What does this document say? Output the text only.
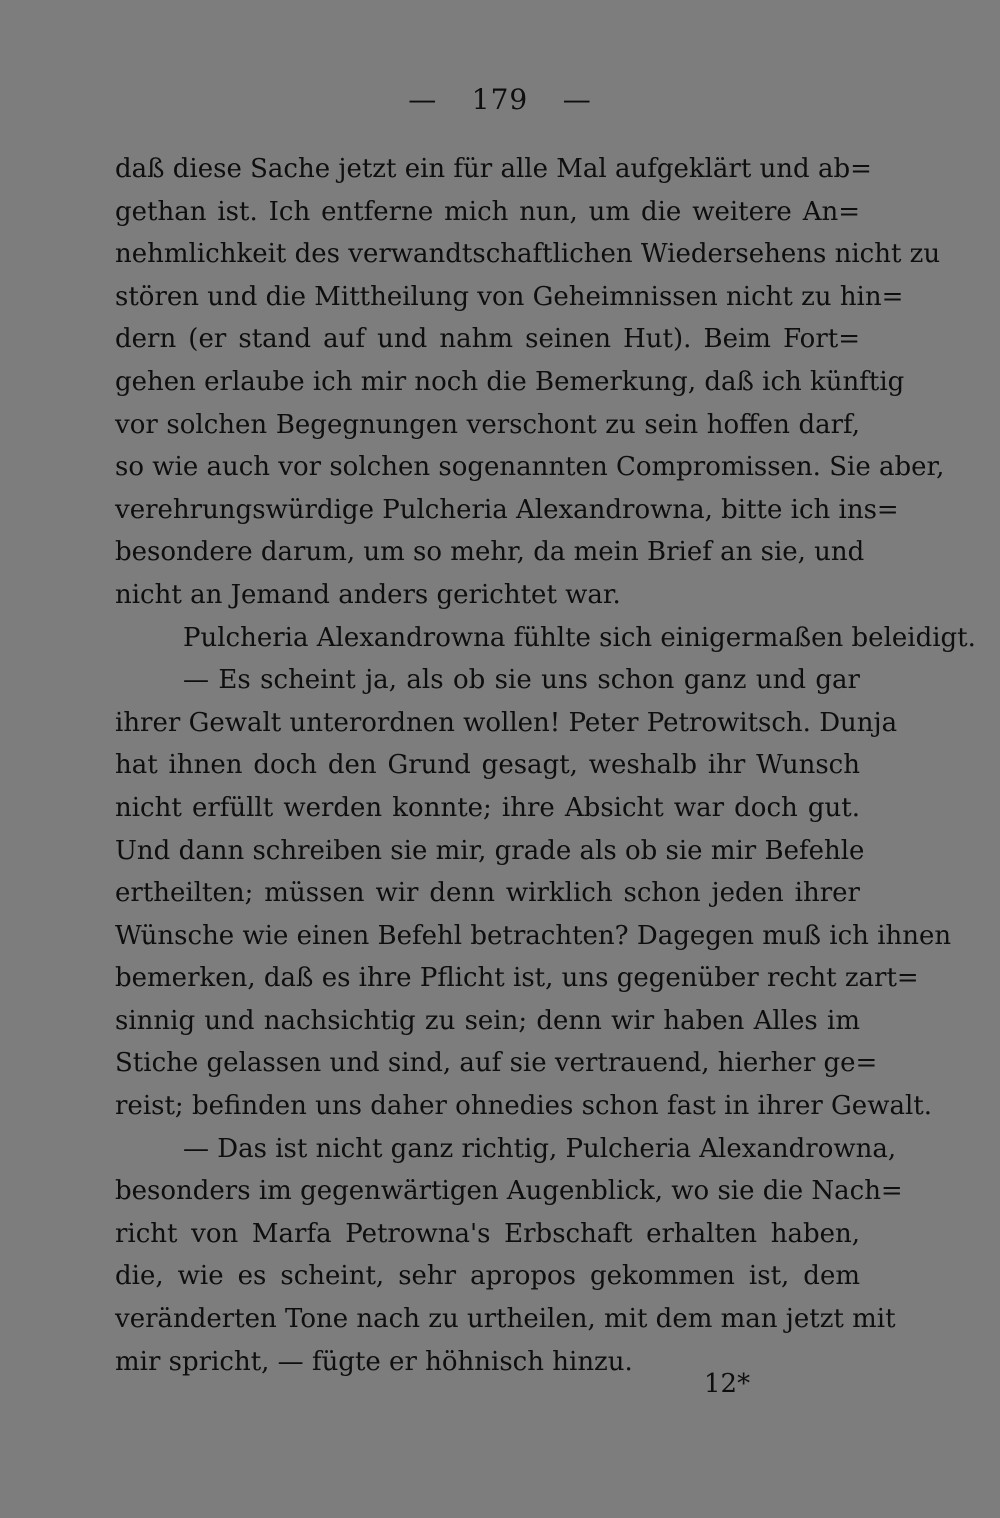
— 179 —
daß diese Sache jetzt ein für alle Mal aufgeklärt und ab=
gethan ist. Ich entferne mich nun, um die weitere An=
nehmlichkeit des verwandtschaftlichen Wiedersehens nicht zu
stören und die Mittheilung von Geheimnissen nicht zu hin=
dern (er stand auf und nahm seinen Hut). Beim Fort=
gehen erlaube ich mir noch die Bemerkung, daß ich künftig
vor solchen Begegnungen verschont zu sein hoffen darf,
so wie auch vor solchen sogenannten Compromissen. Sie aber,
verehrungswürdige Pulcheria Alexandrowna, bitte ich ins=
besondere darum, um so mehr, da mein Brief an sie, und
nicht an Jemand anders gerichtet war.
Pulcheria Alexandrowna fühlte sich einigermaßen beleidigt.
— Es scheint ja, als ob sie uns schon ganz und gar
ihrer Gewalt unterordnen wollen! Peter Petrowitsch. Dunja
hat ihnen doch den Grund gesagt, weshalb ihr Wunsch
nicht erfüllt werden konnte; ihre Absicht war doch gut.
Und dann schreiben sie mir, grade als ob sie mir Befehle
ertheilten; müssen wir denn wirklich schon jeden ihrer
Wünsche wie einen Befehl betrachten? Dagegen muß ich ihnen
bemerken, daß es ihre Pflicht ist, uns gegenüber recht zart=
sinnig und nachsichtig zu sein; denn wir haben Alles im
Stiche gelassen und sind, auf sie vertrauend, hierher ge=
reist; befinden uns daher ohnedies schon fast in ihrer Gewalt.
— Das ist nicht ganz richtig, Pulcheria Alexandrowna,
besonders im gegenwärtigen Augenblick, wo sie die Nach=
richt von Marfa Petrowna's Erbschaft erhalten haben,
die, wie es scheint, sehr apropos gekommen ist, dem
veränderten Tone nach zu urtheilen, mit dem man jetzt mit
mir spricht, — fügte er höhnisch hinzu.
12*
